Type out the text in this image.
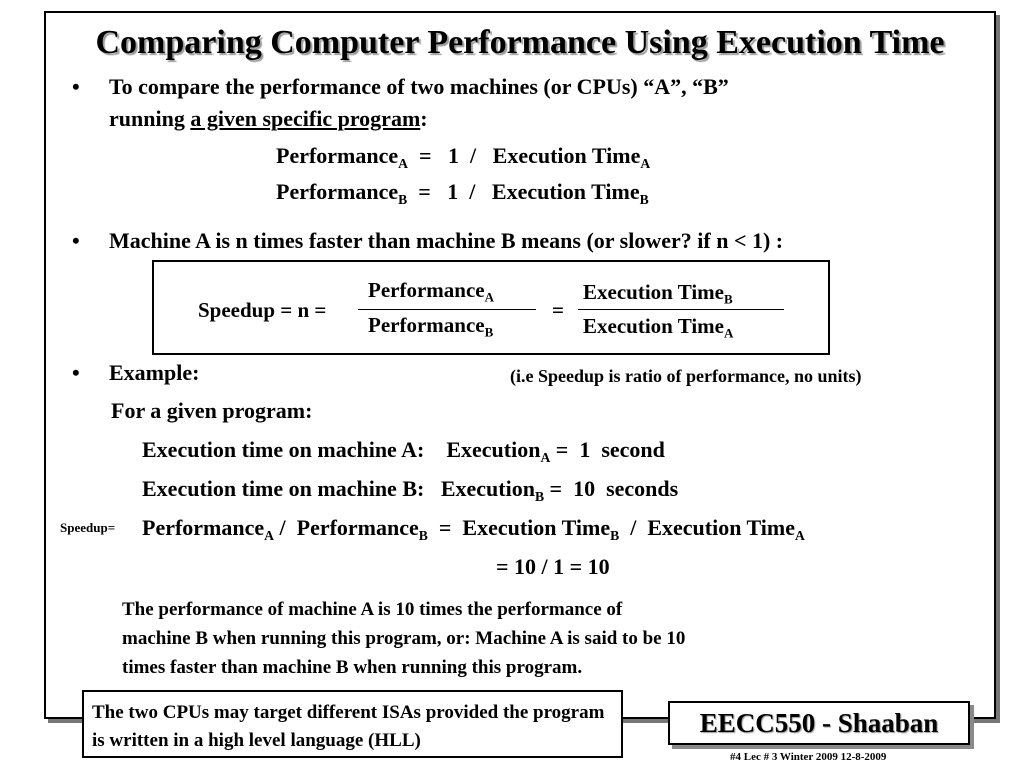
Comparing Computer Performance Using Execution Time
• To compare the performance of two machines (or CPUs) “A”, “B”
running a given specific program:
Performance$_A$  =   1  /   Execution Time$_A$
Performance$_B$  =   1  /   Execution Time$_B$
• Machine A is n times faster than machine B means (or slower? if n < 1) :
Speedup = n =
Performance$_A$
Performance$_B$
=
Execution Time$_B$
Execution Time$_A$
• Example:	(i.e Speedup is ratio of performance, no units)
For a given program:
Execution time on machine A:    Execution$_A$ =  1  second
Execution time on machine B:   Execution$_B$ =  10  seconds
Speedup= Performance$_A$ /  Performance$_B$  =  Execution Time$_B$  /  Execution Time$_A$
= 10 / 1 = 10
The performance of machine A is 10 times the performance of
machine B when running this program, or: Machine A is said to be 10
times faster than machine B when running this program.
The two CPUs may target different ISAs provided the program is written in a high level language (HLL)
EECC550 - Shaaban
#4 Lec # 3 Winter 2009 12-8-2009
